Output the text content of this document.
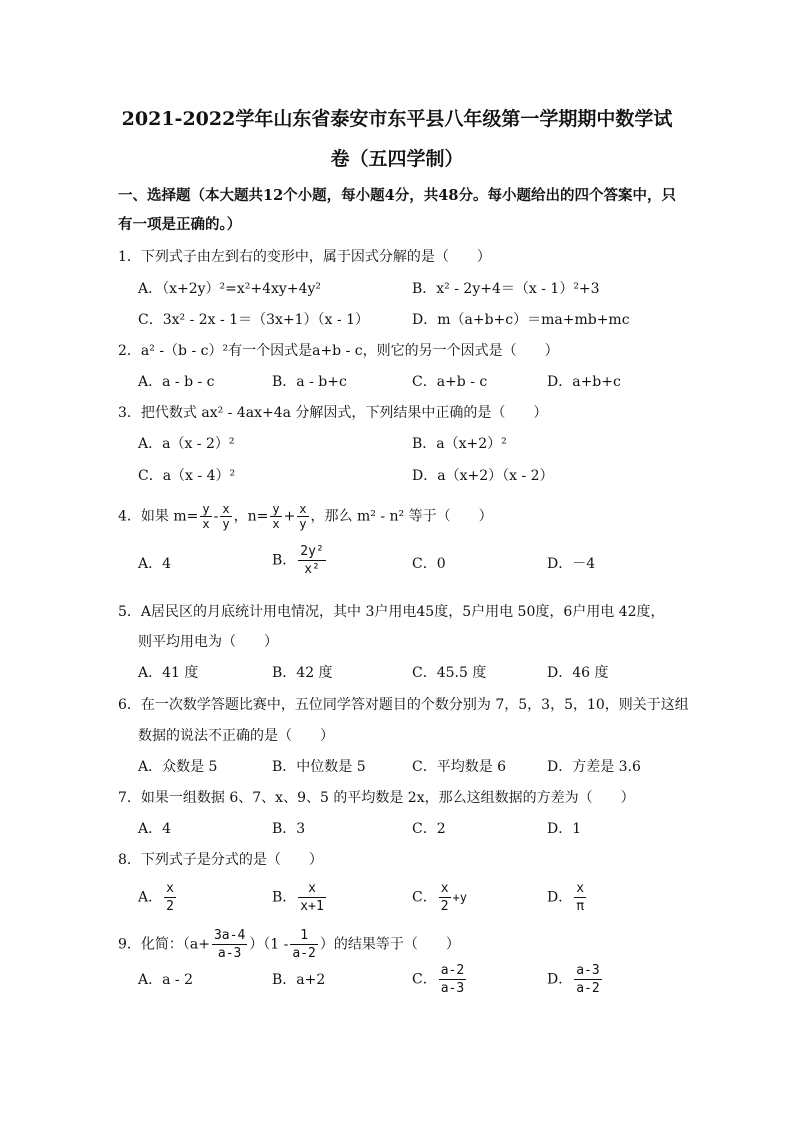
2021-2022学年山东省泰安市东平县八年级第一学期期中数学试
卷（五四学制）
一、选择题（本大题共12个小题，每小题4分，共48分。每小题给出的四个答案中，只
有一项是正确的。）
1．下列式子由左到右的变形中，属于因式分解的是（　　）
A．（x+2y）²=x²+4xy+4y²	B．x² - 2y+4＝（x - 1）²+3
C．3x² - 2x - 1＝（3x+1）（x - 1）	D．m（a+b+c）＝ma+mb+mc
2．a² -（b - c）²有一个因式是a+b - c，则它的另一个因式是（　　）
A．a - b - c	B．a - b+c	C．a+b - c	D．a+b+c
3．把代数式 ax² - 4ax+4a 分解因式，下列结果中正确的是（　　）
A．a（x - 2）²	B．a（x+2）²
C．a（x - 4）²	D．a（x+2）（x - 2）
4．如果 $m= \frac{y}{x} - \frac{x}{y}$ ，$n= \frac{y}{x} + \frac{x}{y}$ ，那么 m² - n² 等于（　　）
A．4	B． $\frac{\text{2y²}}{\text{x²}}$	C．0	D．－4
5．A居民区的月底统计用电情况，其中 3户用电45度，5户用电 50度，6户用电 42度，
则平均用电为（　　）
A．41 度	B．42 度	C．45.5 度	D．46 度
6．在一次数学答题比赛中，五位同学答对题目的个数分别为 7，5，3，5，10，则关于这组
数据的说法不正确的是（　　）
A．众数是 5	B．中位数是 5	C．平均数是 6	D．方差是 3.6
7．如果一组数据 6、7、x、9、5 的平均数是 2x，那么这组数据的方差为（　　）
A．4	B．3	C．2	D．1
8．下列式子是分式的是（　　）
A． $\frac{x}{2}$	B． $\frac{x}{x+1}$	C． $\frac{x}{2} +y$	D． $\frac{x}{\pi}$
9．化简：$(a+ \frac{3a-4}{a-3} )(1 - \frac{1}{a-2}$ ）的结果等于（　　）
A．a - 2	B．a+2	C． $\frac{a-2}{a-3}$	D． $\frac{a-3}{a-2}$
